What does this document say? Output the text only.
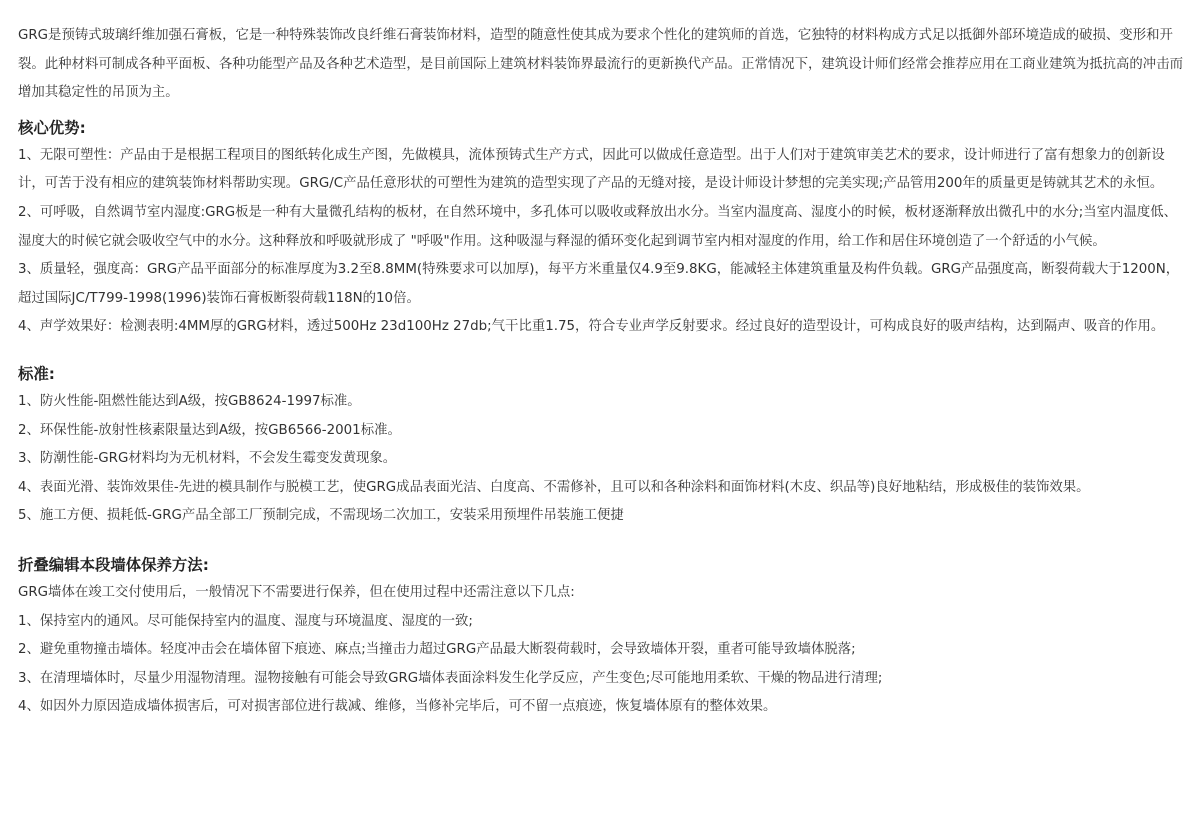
GRG是预铸式玻璃纤维加强石膏板，它是一种特殊装饰改良纤维石膏装饰材料，造型的随意性使其成为要求个性化的建筑师的首选，它独特的材料构成方式足以抵御外部环境造成的破损、变形和开裂。此种材料可制成各种平面板、各种功能型产品及各种艺术造型，是目前国际上建筑材料装饰界最流行的更新换代产品。正常情况下，建筑设计师们经常会推荐应用在工商业建筑为抵抗高的冲击而增加其稳定性的吊顶为主。

核心优势:

1、无限可塑性：产品由于是根据工程项目的图纸转化成生产图，先做模具，流体预铸式生产方式，因此可以做成任意造型。出于人们对于建筑审美艺术的要求，设计师进行了富有想象力的创新设计，可苦于没有相应的建筑装饰材料帮助实现。GRG/C产品任意形状的可塑性为建筑的造型实现了产品的无缝对接，是设计师设计梦想的完美实现;产品管用200年的质量更是铸就其艺术的永恒。

2、可呼吸，自然调节室内湿度:GRG板是一种有大量微孔结构的板材，在自然环境中，多孔体可以吸收或释放出水分。当室内温度高、湿度小的时候，板材逐渐释放出微孔中的水分;当室内温度低、湿度大的时候它就会吸收空气中的水分。这种释放和呼吸就形成了 "呼吸"作用。这种吸湿与释湿的循环变化起到调节室内相对湿度的作用，给工作和居住环境创造了一个舒适的小气候。

3、质量轻，强度高：GRG产品平面部分的标准厚度为3.2至8.8MM(特殊要求可以加厚)，每平方米重量仅4.9至9.8KG，能减轻主体建筑重量及构件负载。GRG产品强度高，断裂荷载大于1200N，超过国际JC/T799-1998(1996)装饰石膏板断裂荷载118N的10倍。

4、声学效果好：检测表明:4MM厚的GRG材料，透过500Hz 23d100Hz 27db;气干比重1.75，符合专业声学反射要求。经过良好的造型设计，可构成良好的吸声结构，达到隔声、吸音的作用。

标准:

1、防火性能-阻燃性能达到A级，按GB8624-1997标准。

2、环保性能-放射性核素限量达到A级，按GB6566-2001标准。

3、防潮性能-GRG材料均为无机材料，不会发生霉变发黄现象。

4、表面光滑、装饰效果佳-先进的模具制作与脱模工艺，使GRG成品表面光洁、白度高、不需修补，且可以和各种涂料和面饰材料(木皮、织品等)良好地粘结，形成极佳的装饰效果。

5、施工方便、损耗低-GRG产品全部工厂预制完成，不需现场二次加工，安装采用预埋件吊装施工便捷

折叠编辑本段墙体保养方法:

GRG墙体在竣工交付使用后，一般情况下不需要进行保养，但在使用过程中还需注意以下几点:

1、保持室内的通风。尽可能保持室内的温度、湿度与环境温度、湿度的一致;

2、避免重物撞击墙体。轻度冲击会在墙体留下痕迹、麻点;当撞击力超过GRG产品最大断裂荷载时，会导致墙体开裂，重者可能导致墙体脱落;

3、在清理墙体时，尽量少用湿物清理。湿物接触有可能会导致GRG墙体表面涂料发生化学反应，产生变色;尽可能地用柔软、干燥的物品进行清理;

4、如因外力原因造成墙体损害后，可对损害部位进行裁减、维修，当修补完毕后，可不留一点痕迹，恢复墙体原有的整体效果。
